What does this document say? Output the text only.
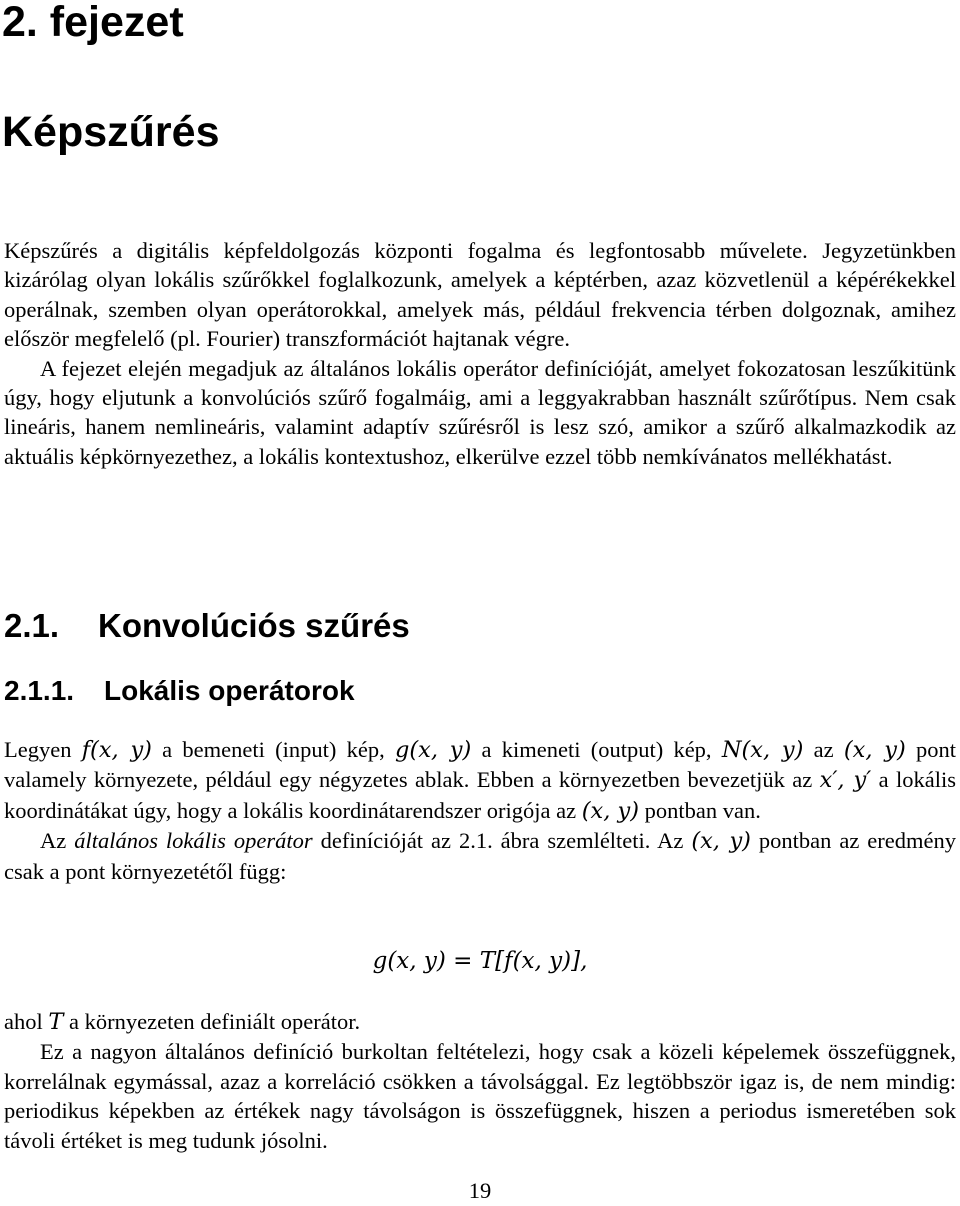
2. fejezet
Képszűrés

Képszűrés a digitális képfeldolgozás központi fogalma és legfontosabb művelete. Jegyzetünkben kizárólag olyan lokális szűrőkkel foglalkozunk, amelyek a képtérben, azaz közvetlenül a képérékekkel operálnak, szemben olyan operátorokkal, amelyek más, például frekvencia térben dolgoznak, amihez először megfelelő (pl. Fourier) transzformációt hajtanak végre.

A fejezet elején megadjuk az általános lokális operátor definícióját, amelyet fokozatosan leszűkitünk úgy, hogy eljutunk a konvolúciós szűrő fogalmáig, ami a leggyakrabban használt szűrőtípus. Nem csak lineáris, hanem nemlineáris, valamint adaptív szűrésről is lesz szó, amikor a szűrő alkalmazkodik az aktuális képkörnyezethez, a lokális kontextushoz, elkerülve ezzel több nemkívánatos mellékhatást.

2.1. Konvolúciós szűrés
2.1.1. Lokális operátorok

Legyen f(x, y) a bemeneti (input) kép, g(x, y) a kimeneti (output) kép, N(x, y) az (x, y) pont valamely környezete, például egy négyzetes ablak. Ebben a környezetben bevezetjük az x′, y′ a lokális koordinátákat úgy, hogy a lokális koordinátarendszer origója az (x, y) pontban van.

Az általános lokális operátor definícióját az 2.1. ábra szemlélteti. Az (x, y) pontban az eredmény csak a pont környezetétől függ:

g(x, y) = T[f(x, y)],

ahol T a környezeten definiált operátor.

Ez a nagyon általános definíció burkoltan feltételezi, hogy csak a közeli képelemek összefüggnek, korrelálnak egymással, azaz a korreláció csökken a távolsággal. Ez legtöbbször igaz is, de nem mindig: periodikus képekben az értékek nagy távolságon is összefüggnek, hiszen a periodus ismeretében sok távoli értéket is meg tudunk jósolni.

19
